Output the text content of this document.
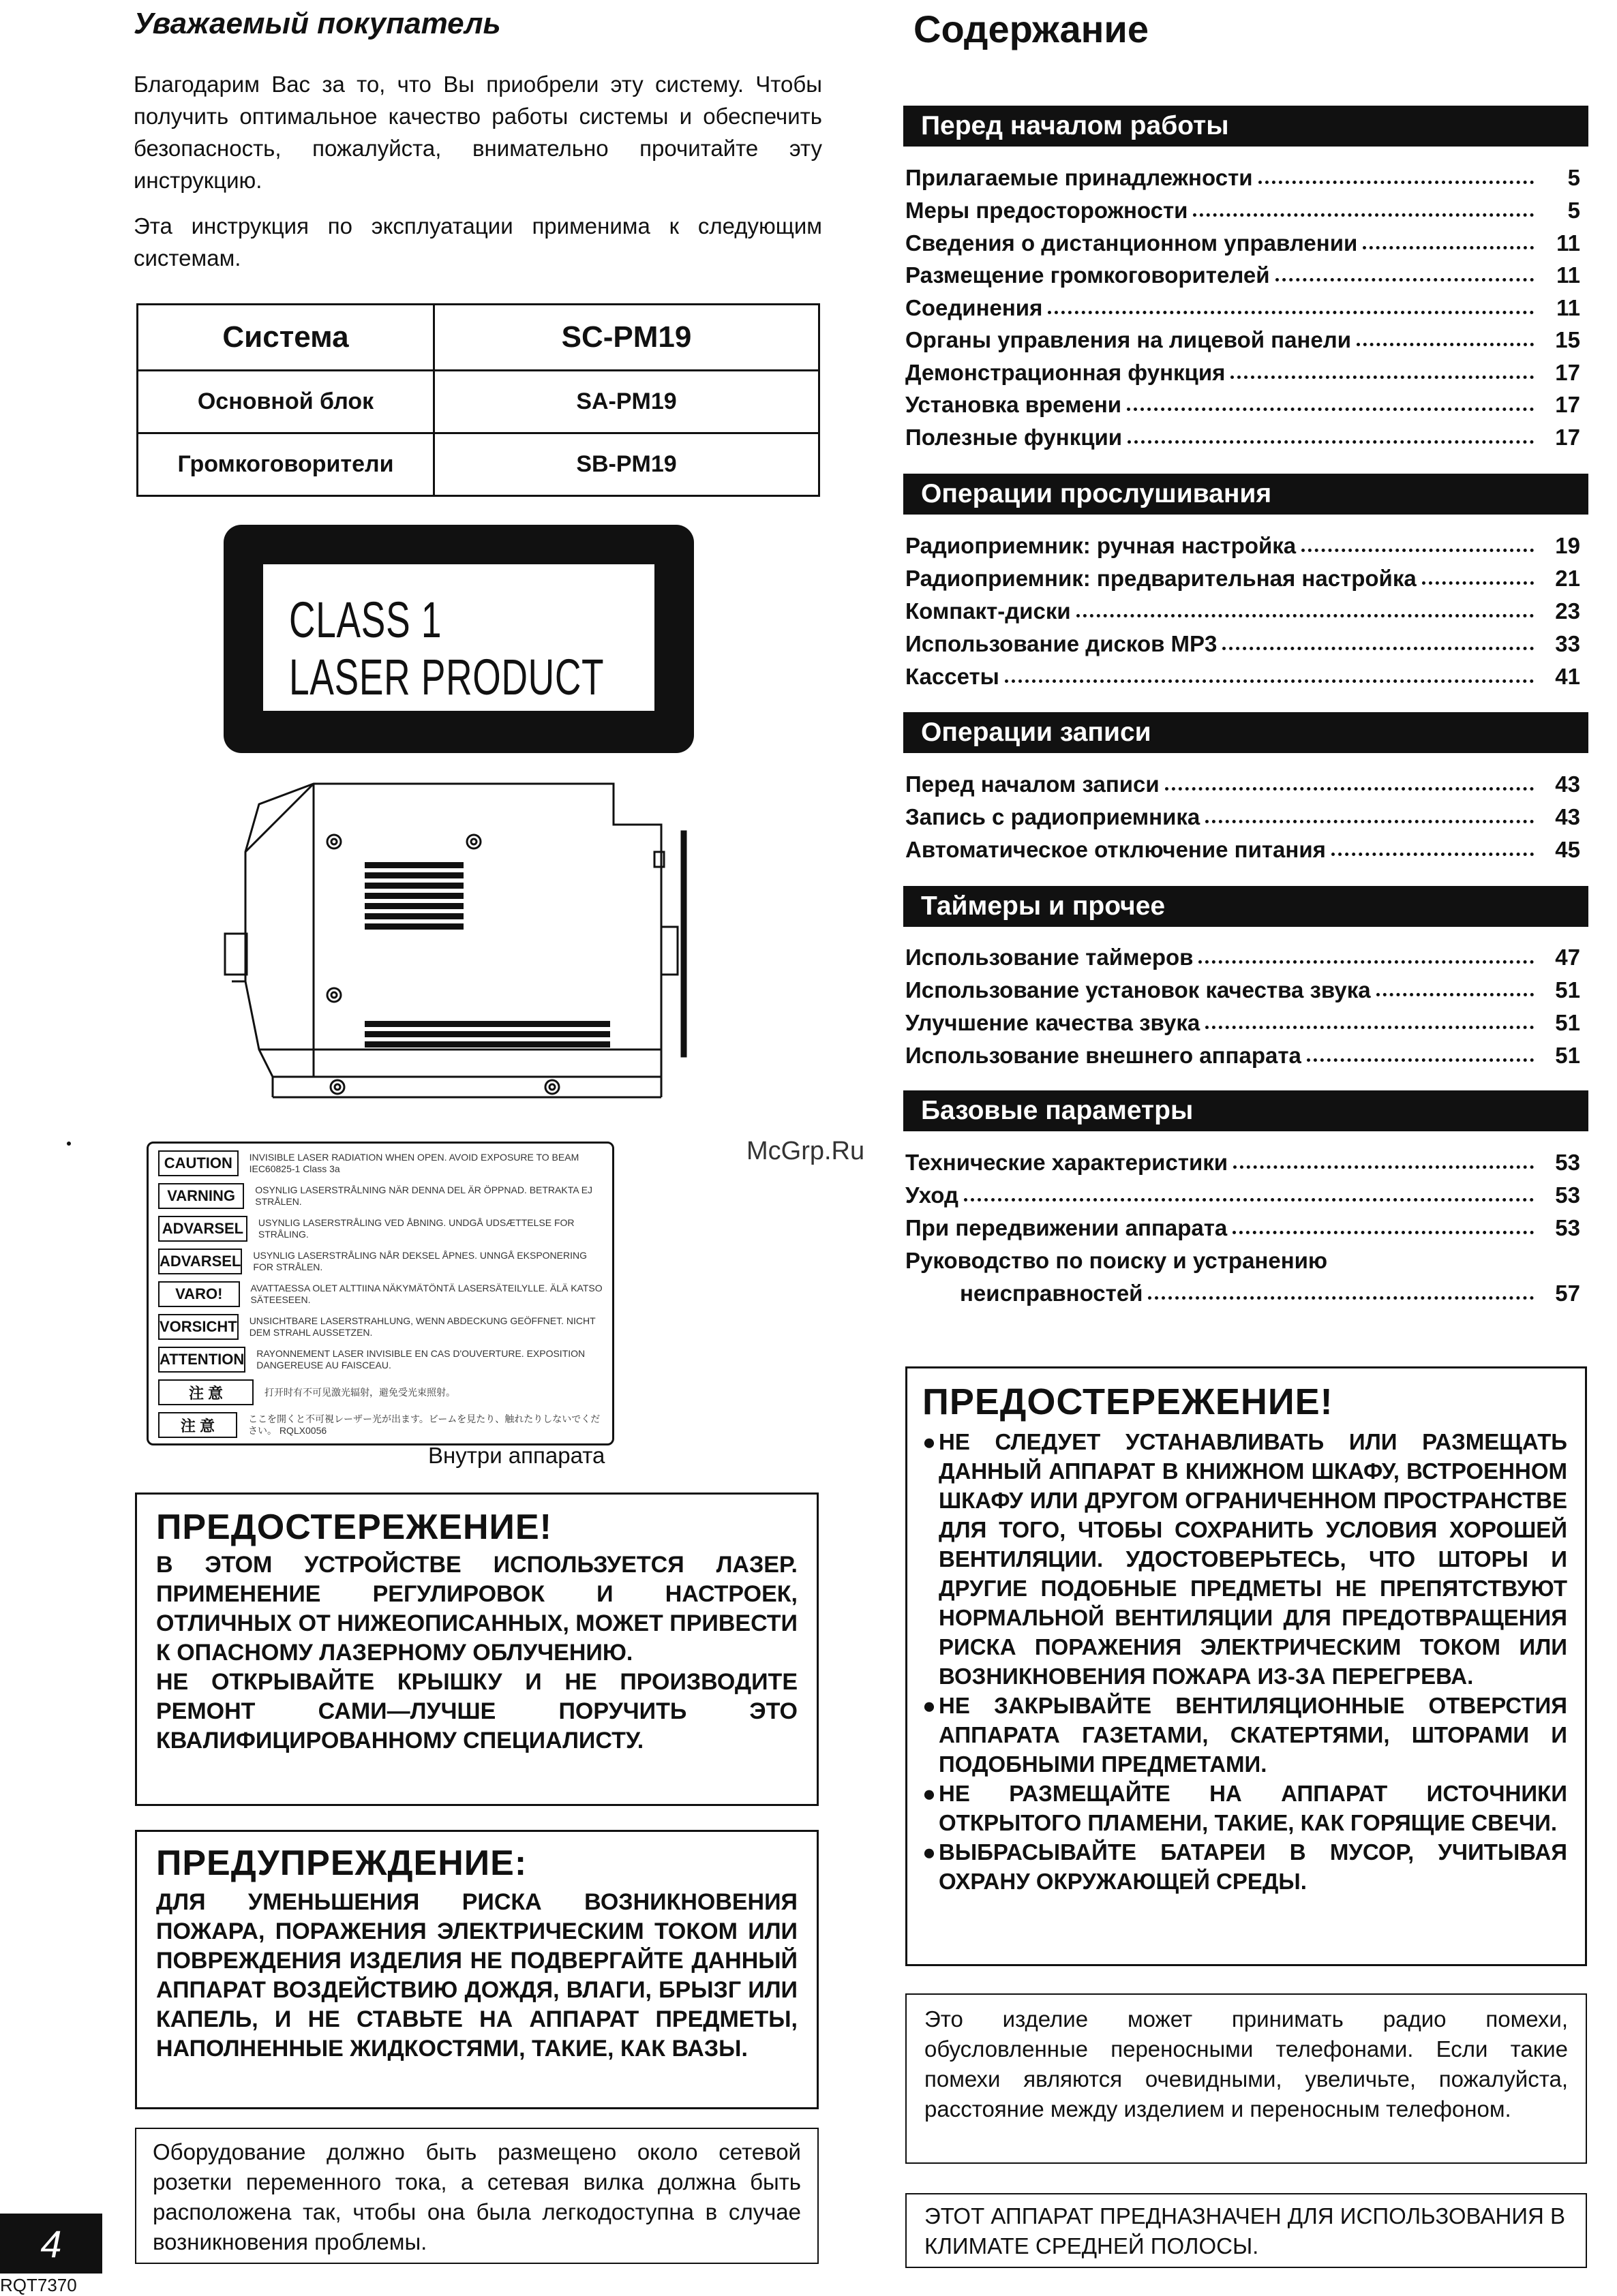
Уважаемый покупатель
Благодарим Вас за то, что Вы приобрели эту систему. Чтобы получить оптимальное качество работы системы и обеспечить безопасность, пожалуйста, внимательно прочитайте эту инструкцию.
Эта инструкция по эксплуатации применима к следующим системам.
Система	SC-PM19
Основной блок	SA-PM19
Громкоговорители	SB-PM19
CLASS 1
LASER PRODUCT
CAUTION	INVISIBLE LASER RADIATION WHEN OPEN. AVOID EXPOSURE TO BEAM IEC60825-1 Class 3a
VARNING	OSYNLIG LASERSTRÅLNING NÄR DENNA DEL ÄR ÖPPNAD. BETRAKTA EJ STRÅLEN.
ADVARSEL	USYNLIG LASERSTRÅLING VED ÅBNING. UNDGÅ UDSÆTTELSE FOR STRÅLING.
ADVARSEL USYNLIG LASERSTRÅLING NÅR DEKSEL ÅPNES. UNNGÅ EKSPONERING FOR STRÅLEN.
VARO!	AVATTAESSA OLET ALTTIINA NÄKYMÄTÖNTÄ LASERSÄTEILYLLE. ÄLÄ KATSO SÄTEESEEN.
VORSICHT UNSICHTBARE LASERSTRAHLUNG, WENN ABDECKUNG GEÖFFNET. NICHT DEM STRAHL AUSSETZEN.
ATTENTION RAYONNEMENT LASER INVISIBLE EN CAS D'OUVERTURE. EXPOSITION DANGEREUSE AU FAISCEAU.
注 意	打开时有不可见激光辐射，避免受光束照射。
注 意	ここを開くと不可視レーザー光が出ます。ビームを見たり、触れたりしないでください。 RQLX0056
Внутри аппарата
ПРЕДОСТЕРЕЖЕНИЕ!
В ЭТОМ УСТРОЙСТВЕ ИСПОЛЬЗУЕТСЯ ЛАЗЕР. ПРИМЕНЕНИЕ РЕГУЛИРОВОК И НАСТРОЕК, ОТЛИЧНЫХ ОТ НИЖЕОПИСАННЫХ, МОЖЕТ ПРИВЕСТИ К ОПАСНОМУ ЛАЗЕРНОМУ ОБЛУЧЕНИЮ.
НЕ ОТКРЫВАЙТЕ КРЫШКУ И НЕ ПРОИЗВОДИТЕ РЕМОНТ САМИ—ЛУЧШЕ ПОРУЧИТЬ ЭТО КВАЛИФИЦИРОВАННОМУ СПЕЦИАЛИСТУ.
ПРЕДУПРЕЖДЕНИЕ:
ДЛЯ УМЕНЬШЕНИЯ РИСКА ВОЗНИКНОВЕНИЯ ПОЖАРА, ПОРАЖЕНИЯ ЭЛЕКТРИЧЕСКИМ ТОКОМ ИЛИ ПОВРЕЖДЕНИЯ ИЗДЕЛИЯ НЕ ПОДВЕРГАЙТЕ ДАННЫЙ АППАРАТ ВОЗДЕЙСТВИЮ ДОЖДЯ, ВЛАГИ, БРЫЗГ ИЛИ КАПЕЛЬ, И НЕ СТАВЬТЕ НА АППАРАТ ПРЕДМЕТЫ, НАПОЛНЕННЫЕ ЖИДКОСТЯМИ, ТАКИЕ, КАК ВАЗЫ.
Оборудование должно быть размещено около сетевой розетки переменного тока, а сетевая вилка должна быть расположена так, чтобы она была легкодоступна в случае возникновения проблемы.
4
RQT7370
McGrp.Ru
Содержание
Перед началом работы
Прилагаемые принадлежности	5
Меры предосторожности	5
Сведения о дистанционном управлении	11
Размещение громкоговорителей	11
Соединения	11
Органы управления на лицевой панели	15
Демонстрационная функция	17
Установка времени	17
Полезные функции	17
Операции прослушивания
Радиоприемник: ручная настройка	19
Радиоприемник: предварительная настройка	21
Компакт-диски	23
Использование дисков MP3	33
Кассеты	41
Операции записи
Перед началом записи	43
Запись с радиоприемника	43
Автоматическое отключение питания	45
Таймеры и прочее
Использование таймеров	47
Использование установок качества звука	51
Улучшение качества звука	51
Использование внешнего аппарата	51
Базовые параметры
Технические характеристики	53
Уход	53
При передвижении аппарата	53
Руководство по поиску и устранению
неисправностей	57
ПРЕДОСТЕРЕЖЕНИЕ!
● НЕ СЛЕДУЕТ УСТАНАВЛИВАТЬ ИЛИ РАЗМЕЩАТЬ ДАННЫЙ АППАРАТ В КНИЖНОМ ШКАФУ, ВСТРОЕННОМ ШКАФУ ИЛИ ДРУГОМ ОГРАНИЧЕННОМ ПРОСТРАНСТВЕ ДЛЯ ТОГО, ЧТОБЫ СОХРАНИТЬ УСЛОВИЯ ХОРОШЕЙ ВЕНТИЛЯЦИИ. УДОСТОВЕРЬТЕСЬ, ЧТО ШТОРЫ И ДРУГИЕ ПОДОБНЫЕ ПРЕДМЕТЫ НЕ ПРЕПЯТСТВУЮТ НОРМАЛЬНОЙ ВЕНТИЛЯЦИИ ДЛЯ ПРЕДОТВРАЩЕНИЯ РИСКА ПОРАЖЕНИЯ ЭЛЕКТРИЧЕСКИМ ТОКОМ ИЛИ ВОЗНИКНОВЕНИЯ ПОЖАРА ИЗ-ЗА ПЕРЕГРЕВА.
● НЕ ЗАКРЫВАЙТЕ ВЕНТИЛЯЦИОННЫЕ ОТВЕРСТИЯ АППАРАТА ГАЗЕТАМИ, СКАТЕРТЯМИ, ШТОРАМИ И ПОДОБНЫМИ ПРЕДМЕТАМИ.
● НЕ РАЗМЕЩАЙТЕ НА АППАРАТ ИСТОЧНИКИ ОТКРЫТОГО ПЛАМЕНИ, ТАКИЕ, КАК ГОРЯЩИЕ СВЕЧИ.
● ВЫБРАСЫВАЙТЕ БАТАРЕИ В МУСОР, УЧИТЫВАЯ ОХРАНУ ОКРУЖАЮЩЕЙ СРЕДЫ.
Это изделие может принимать радио помехи, обусловленные переносными телефонами. Если такие помехи являются очевидными, увеличьте, пожалуйста, расстояние между изделием и переносным телефоном.
ЭТОТ АППАРАТ ПРЕДНАЗНАЧЕН ДЛЯ ИСПОЛЬЗОВАНИЯ В КЛИМАТЕ СРЕДНЕЙ ПОЛОСЫ.
